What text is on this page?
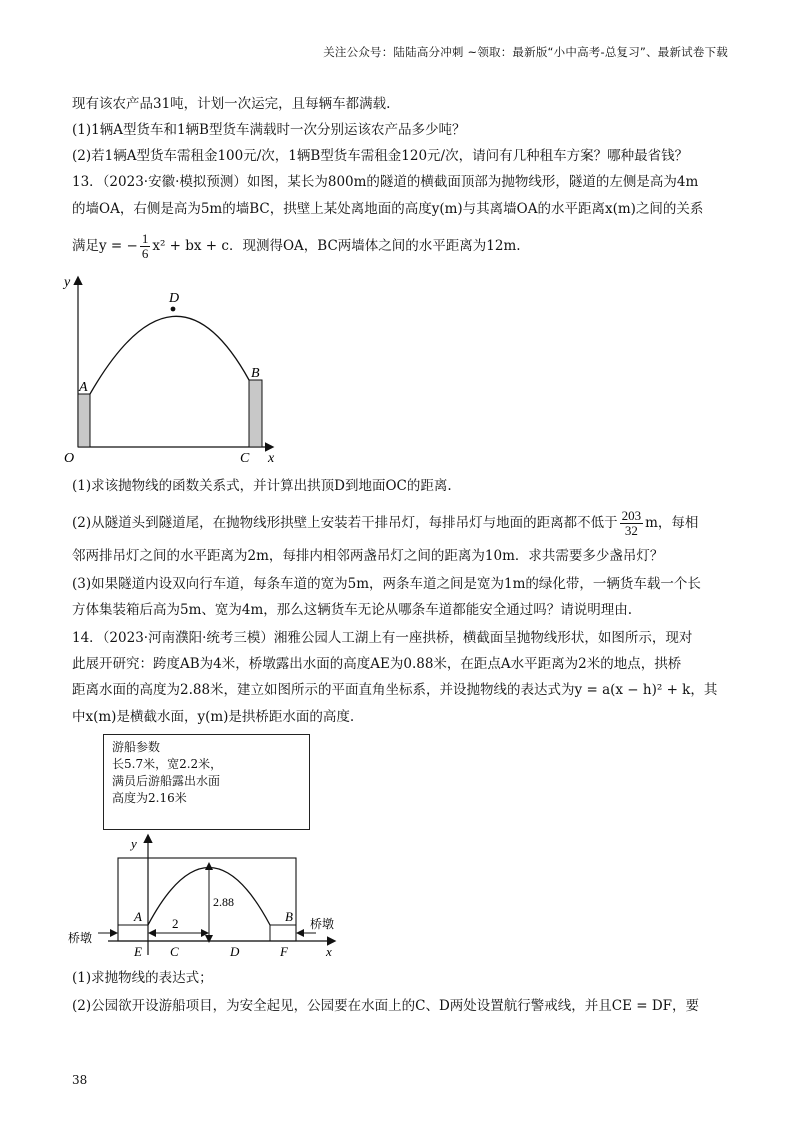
关注公众号：陆陆高分冲刺 ~领取：最新版“小中高考-总复习”、最新试卷下载
现有该农产品31吨，计划一次运完，且每辆车都满载.
(1)1辆A型货车和1辆B型货车满载时一次分别运该农产品多少吨？
(2)若1辆A型货车需租金100元/次，1辆B型货车需租金120元/次，请问有几种租车方案？哪种最省钱？
13．（2023·安徽·模拟预测）如图，某长为800m的隧道的横截面顶部为抛物线形，隧道的左侧是高为4m
的墙OA，右侧是高为5m的墙BC，拱壁上某处离地面的高度y(m)与其离墙OA的水平距离x(m)之间的关系
满足y = − $\frac{1}{6} x^2$ + bx + c．现测得OA，BC两墙体之间的水平距离为12m.
y
x
O
A
B
C
D
(1)求该抛物线的函数关系式，并计算出拱顶D到地面OC的距离.
(2)从隧道头到隧道尾，在抛物线形拱壁上安装若干排吊灯，每排吊灯与地面的距离都不低于 $\frac{203}{32}$ m，每相
邻两排吊灯之间的水平距离为2m，每排内相邻两盏吊灯之间的距离为10m．求共需要多少盏吊灯？
(3)如果隧道内设双向行车道，每条车道的宽为5m，两条车道之间是宽为1m的绿化带，一辆货车载一个长
方体集装箱后高为5m、宽为4m，那么这辆货车无论从哪条车道都能安全通过吗？请说明理由.
14．（2023·河南濮阳·统考三模）湘雅公园人工湖上有一座拱桥，横截面呈抛物线形状，如图所示，现对
此展开研究：跨度AB为4米，桥墩露出水面的高度AE为0.88米，在距点A水平距离为2米的地点，拱桥
距离水面的高度为2.88米，建立如图所示的平面直角坐标系，并设抛物线的表达式为y = a(x − h)² + k，其
中x(m)是横截水面，y(m)是拱桥距水面的高度.
游船参数
长5.7米，宽2.2米，
满员后游船露出水面
高度为2.16米
y
x
A	B
E C	D	F
2
2.88
桥墩
桥墩
(1)求抛物线的表达式；
(2)公园欲开设游船项目，为安全起见，公园要在水面上的C、D两处设置航行警戒线，并且CE = DF，要
38
